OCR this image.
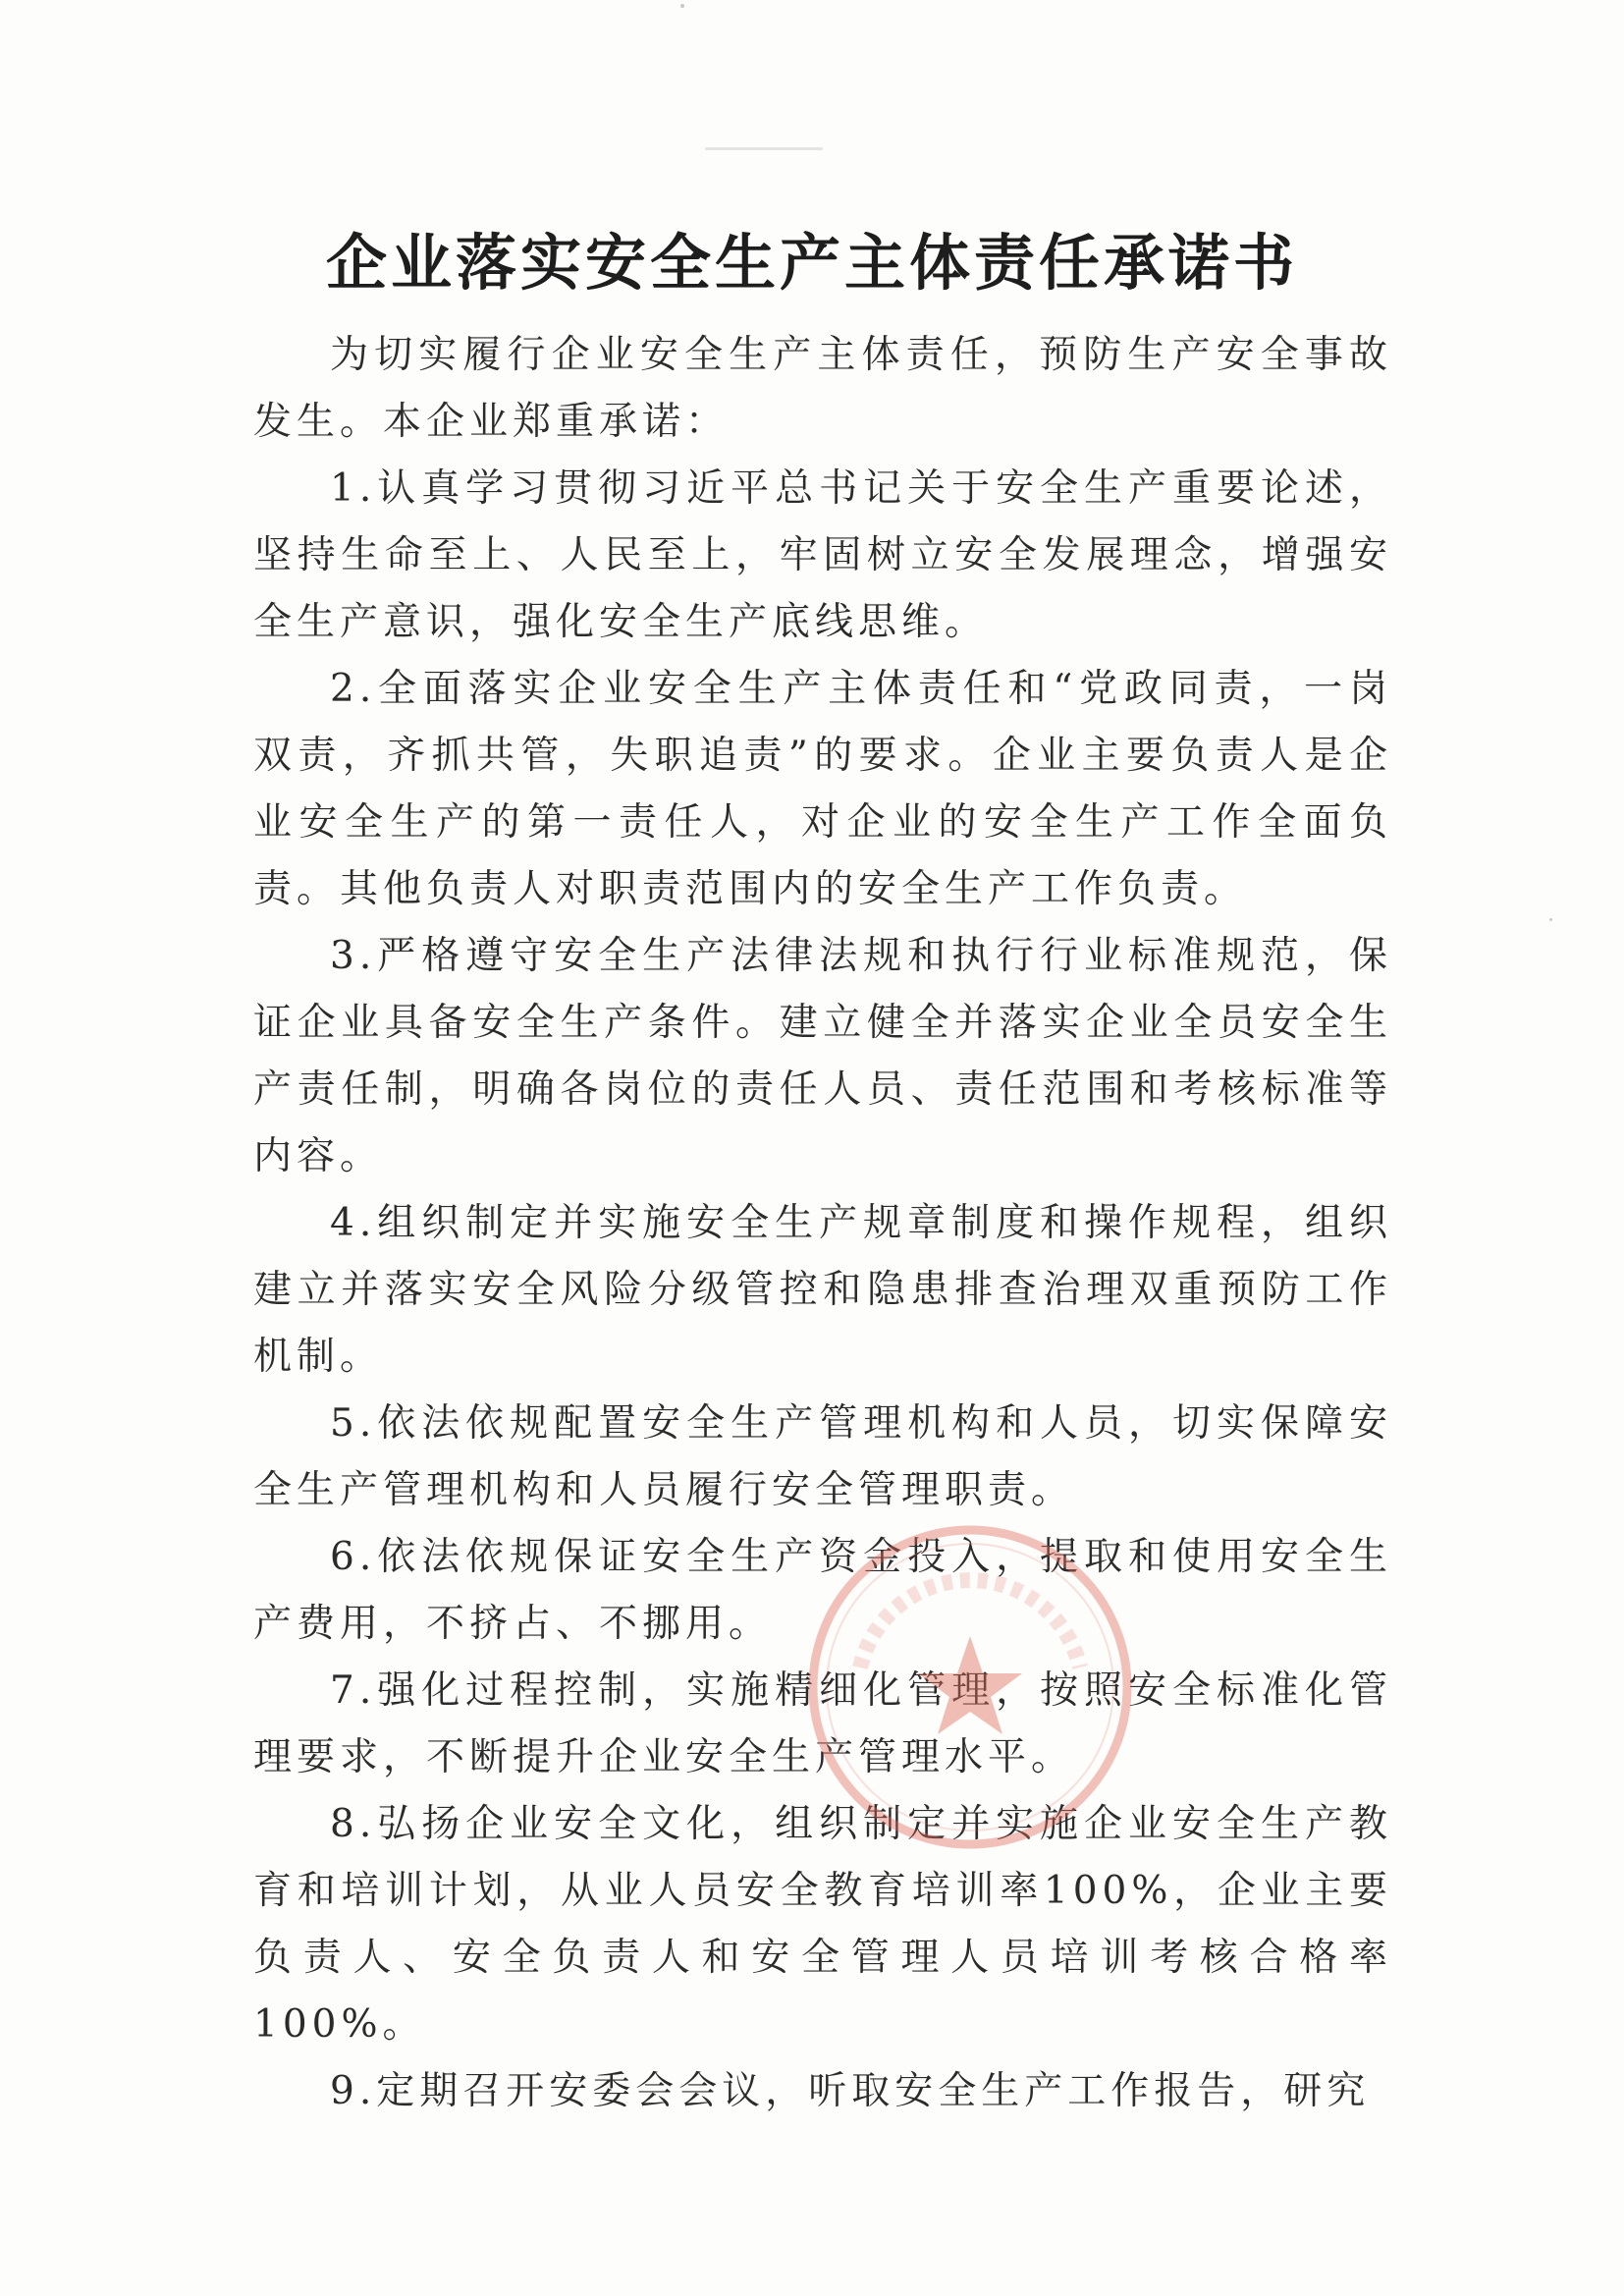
企业落实安全生产主体责任承诺书

为切实履行企业安全生产主体责任，预防生产安全事故发生。本企业郑重承诺：

1.认真学习贯彻习近平总书记关于安全生产重要论述，坚持生命至上、人民至上，牢固树立安全发展理念，增强安全生产意识，强化安全生产底线思维。

2.全面落实企业安全生产主体责任和“党政同责，一岗双责，齐抓共管，失职追责”的要求。企业主要负责人是企业安全生产的第一责任人，对企业的安全生产工作全面负责。其他负责人对职责范围内的安全生产工作负责。

3.严格遵守安全生产法律法规和执行行业标准规范，保证企业具备安全生产条件。建立健全并落实企业全员安全生产责任制，明确各岗位的责任人员、责任范围和考核标准等内容。

4.组织制定并实施安全生产规章制度和操作规程，组织建立并落实安全风险分级管控和隐患排查治理双重预防工作机制。

5.依法依规配置安全生产管理机构和人员，切实保障安全生产管理机构和人员履行安全管理职责。

6.依法依规保证安全生产资金投入，提取和使用安全生产费用，不挤占、不挪用。

7.强化过程控制，实施精细化管理，按照安全标准化管理要求，不断提升企业安全生产管理水平。

8.弘扬企业安全文化，组织制定并实施企业安全生产教育和培训计划，从业人员安全教育培训率100%，企业主要负责人、安全负责人和安全管理人员培训考核合格率100%。

9.定期召开安委会会议，听取安全生产工作报告，研究
